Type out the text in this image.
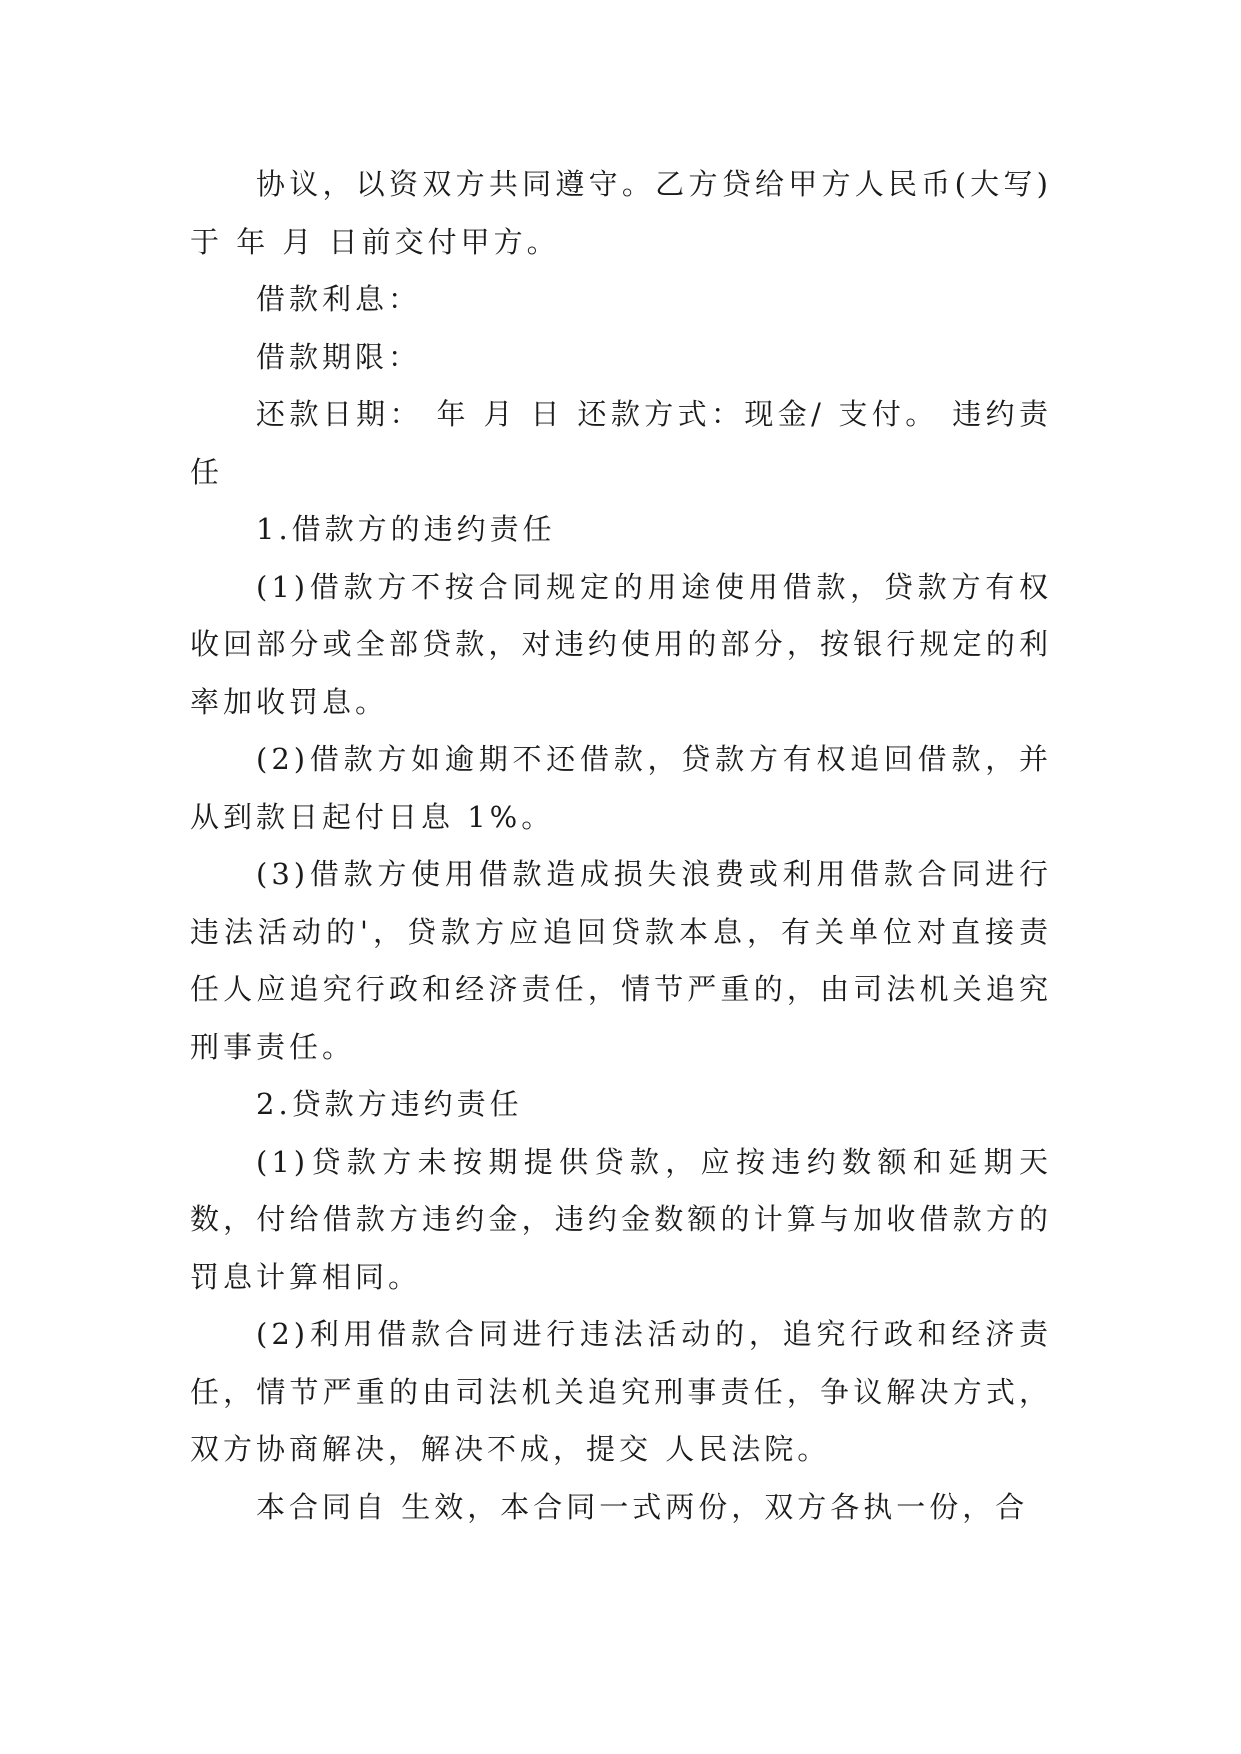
协议，以资双方共同遵守。乙方贷给甲方人民币(大写) 于 年 月 日前交付甲方。

借款利息：

借款期限：

还款日期： 年 月 日 还款方式：现金/ 支付。 违约责任

1.借款方的违约责任

(1)借款方不按合同规定的用途使用借款，贷款方有权收回部分或全部贷款，对违约使用的部分，按银行规定的利率加收罚息。

(2)借款方如逾期不还借款，贷款方有权追回借款，并从到款日起付日息 1%。

(3)借款方使用借款造成损失浪费或利用借款合同进行违法活动的'，贷款方应追回贷款本息，有关单位对直接责任人应追究行政和经济责任，情节严重的，由司法机关追究刑事责任。

2.贷款方违约责任

(1)贷款方未按期提供贷款，应按违约数额和延期天数，付给借款方违约金，违约金数额的计算与加收借款方的罚息计算相同。

(2)利用借款合同进行违法活动的，追究行政和经济责任，情节严重的由司法机关追究刑事责任，争议解决方式，双方协商解决，解决不成，提交 人民法院。

本合同自 生效，本合同一式两份，双方各执一份，合
